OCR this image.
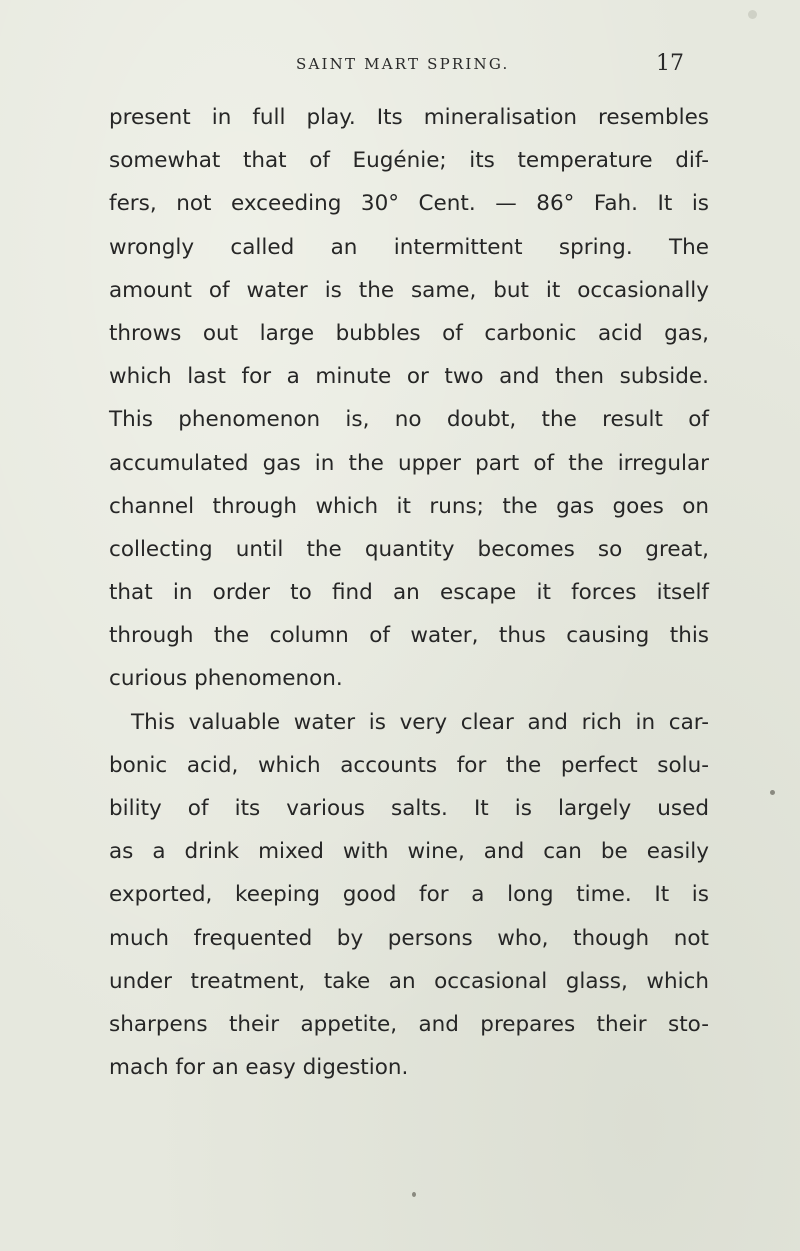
SAINT MART SPRING.	17
present in full play. Its mineralisation resembles
somewhat that of Eugénie; its temperature dif-
fers, not exceeding 30° Cent. — 86° Fah. It is
wrongly called an intermittent spring. The
amount of water is the same, but it occasionally
throws out large bubbles of carbonic acid gas,
which last for a minute or two and then subside.
This phenomenon is, no doubt, the result of
accumulated gas in the upper part of the irregular
channel through which it runs; the gas goes on
collecting until the quantity becomes so great,
that in order to find an escape it forces itself
through the column of water, thus causing this
curious phenomenon.
This valuable water is very clear and rich in car-
bonic acid, which accounts for the perfect solu-
bility of its various salts. It is largely used
as a drink mixed with wine, and can be easily
exported, keeping good for a long time. It is
much frequented by persons who, though not
under treatment, take an occasional glass, which
sharpens their appetite, and prepares their sto-
mach for an easy digestion.
